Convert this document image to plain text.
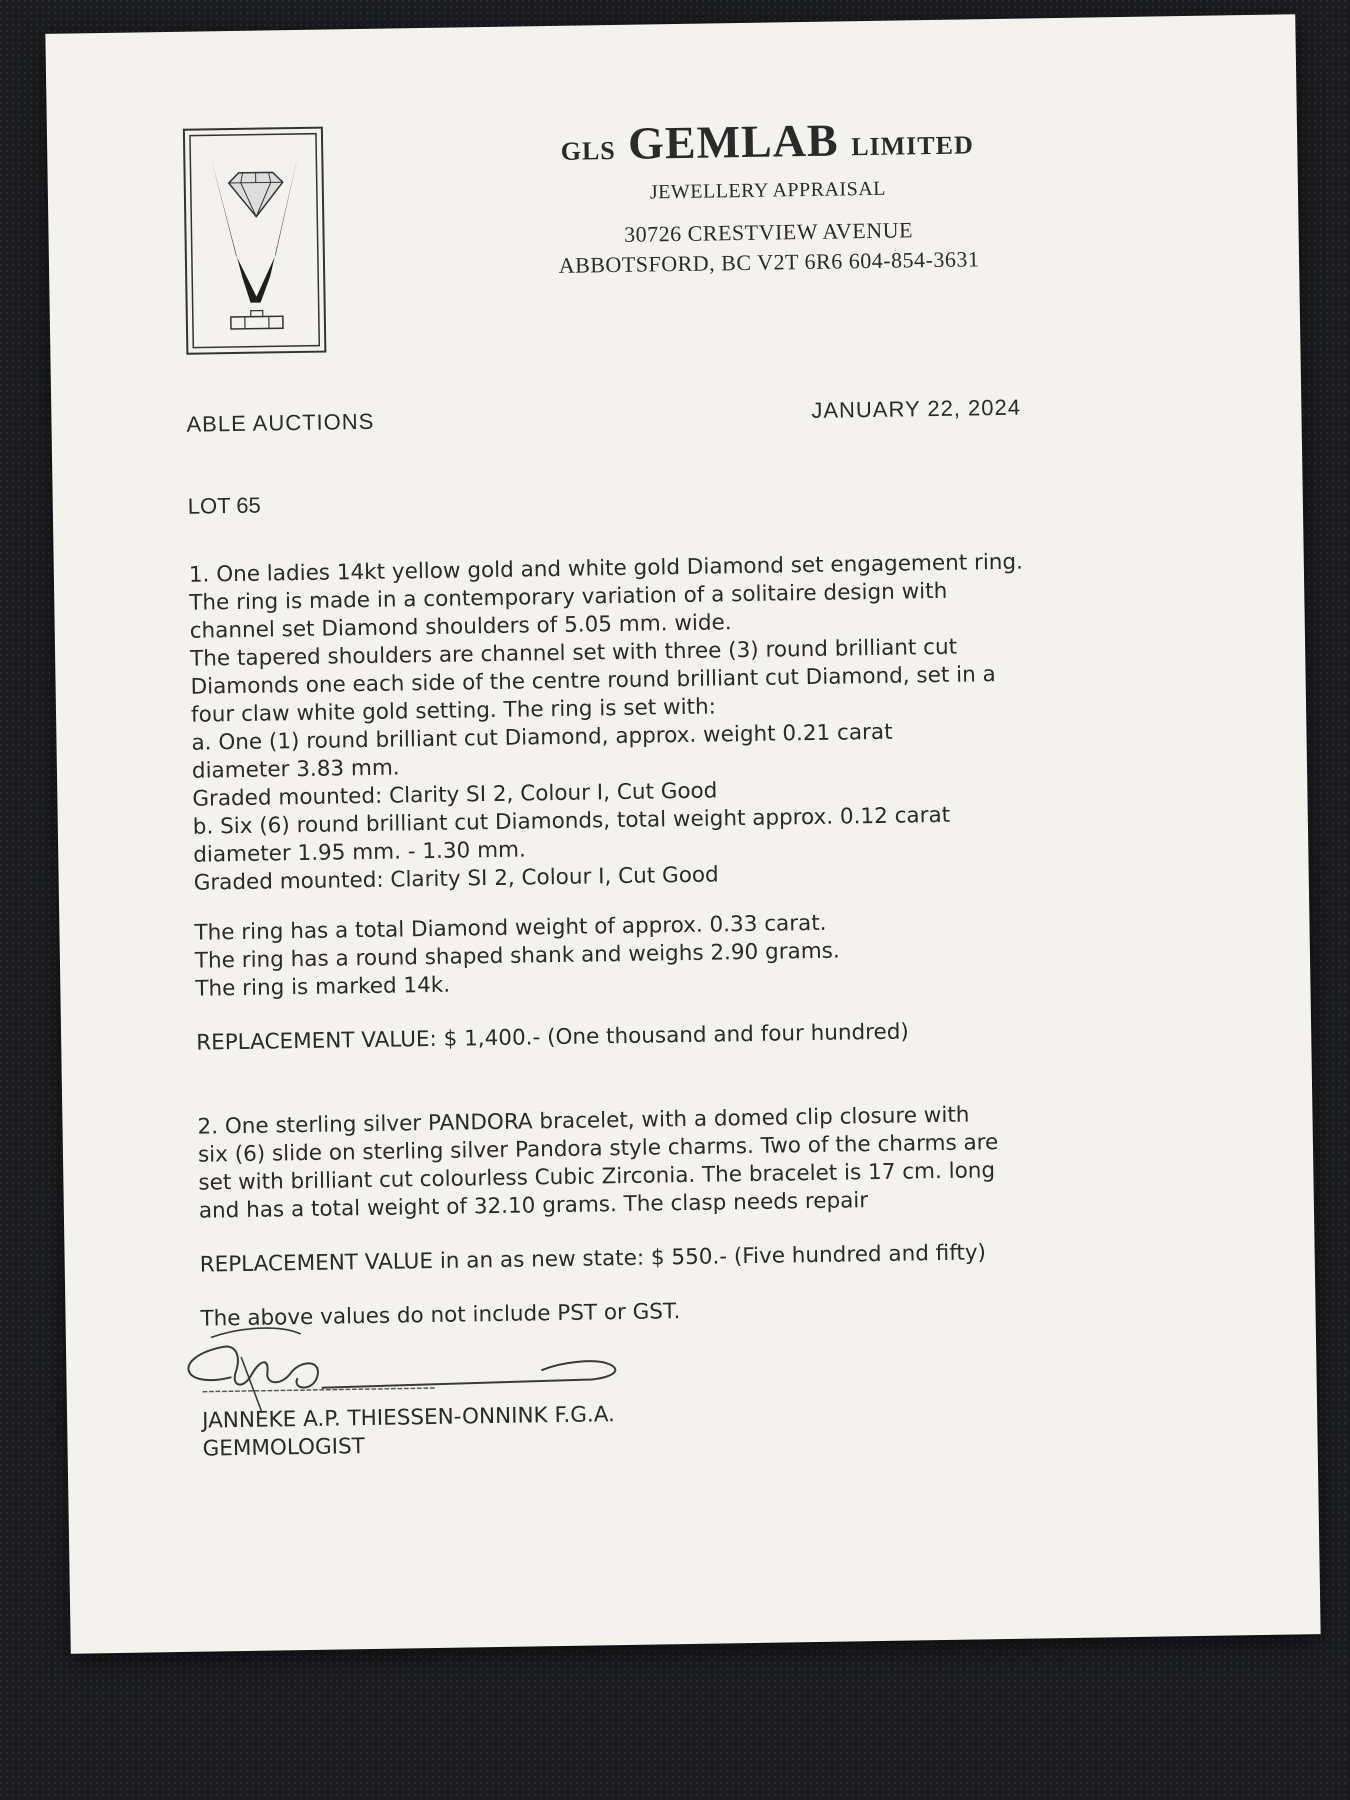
GLS GEMLAB LIMITED
JEWELLERY APPRAISAL
30726 CRESTVIEW AVENUE
ABBOTSFORD, BC V2T 6R6 604-854-3631
ABLE AUCTIONS	JANUARY 22, 2024
LOT 65

1. One ladies 14kt yellow gold and white gold Diamond set engagement ring.

The ring is made in a contemporary variation of a solitaire design with

channel set Diamond shoulders of 5.05 mm. wide.

The tapered shoulders are channel set with three (3) round brilliant cut

Diamonds one each side of the centre round brilliant cut Diamond, set in a

four claw white gold setting. The ring is set with:

a. One (1) round brilliant cut Diamond, approx. weight 0.21 carat

diameter 3.83 mm.

Graded mounted: Clarity SI 2, Colour I, Cut Good

b. Six (6) round brilliant cut Diamonds, total weight approx. 0.12 carat

diameter 1.95 mm. - 1.30 mm.

Graded mounted: Clarity SI 2, Colour I, Cut Good

The ring has a total Diamond weight of approx. 0.33 carat.

The ring has a round shaped shank and weighs 2.90 grams.

The ring is marked 14k.

REPLACEMENT VALUE: $ 1,400.- (One thousand and four hundred)

2. One sterling silver PANDORA bracelet, with a domed clip closure with

six (6) slide on sterling silver Pandora style charms. Two of the charms are

set with brilliant cut colourless Cubic Zirconia. The bracelet is 17 cm. long

and has a total weight of 32.10 grams. The clasp needs repair

REPLACEMENT VALUE in an as new state: $ 550.- (Five hundred and fifty)

The above values do not include PST or GST.

------------------------------------

JANNEKE A.P. THIESSEN-ONNINK F.G.A.

GEMMOLOGIST
